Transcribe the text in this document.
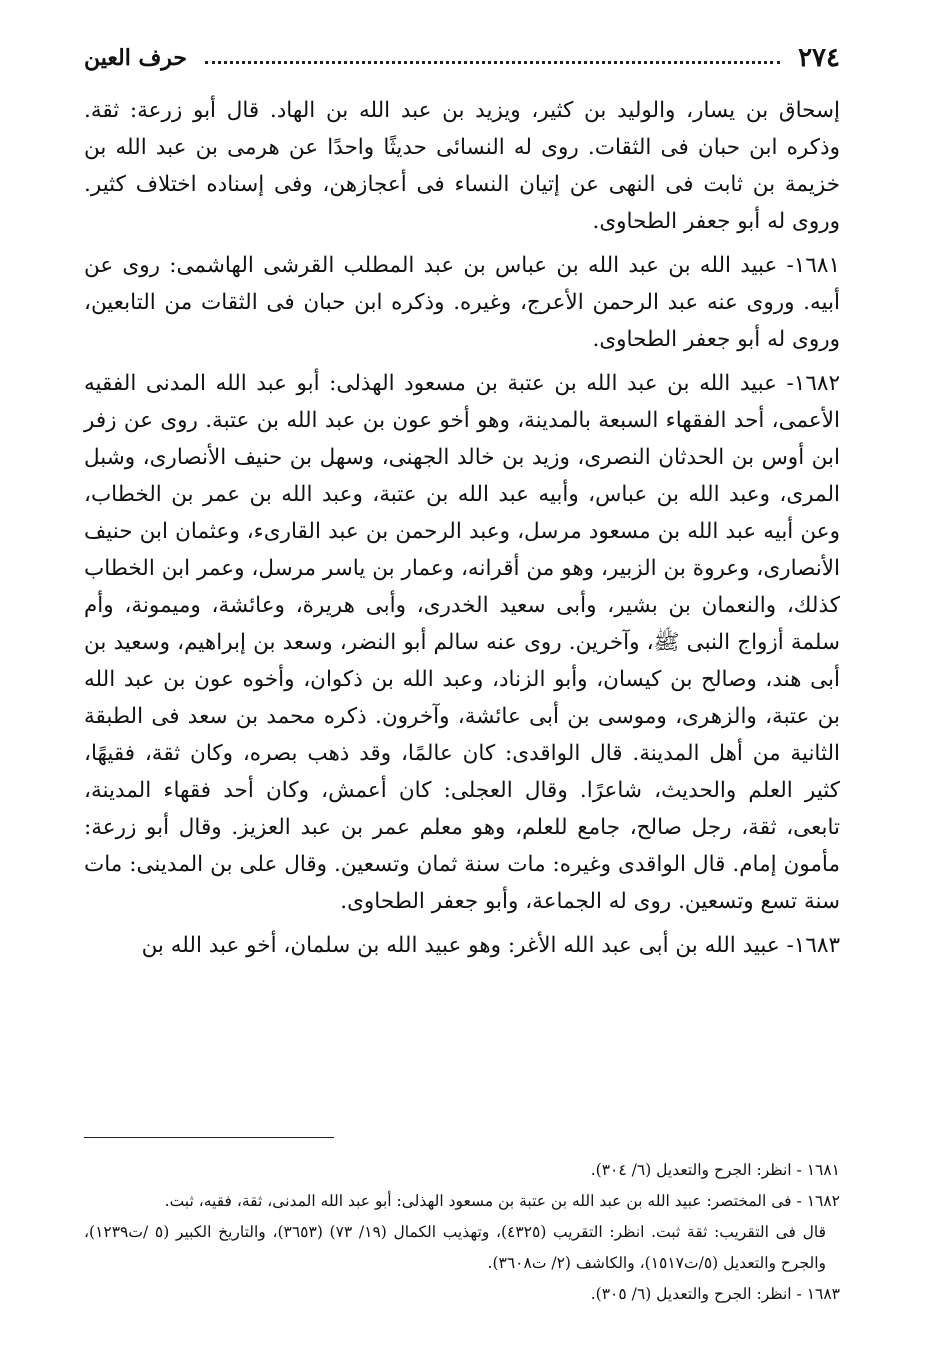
٢٧٤
حرف العين

إسحاق بن يسار، والوليد بن كثير، ويزيد بن عبد الله بن الهاد. قال أبو زرعة: ثقة. وذكره ابن حبان فى الثقات. روى له النسائى حديثًا واحدًا عن هرمى بن عبد الله بن خزيمة بن ثابت فى النهى عن إتيان النساء فى أعجازهن، وفى إسناده اختلاف كثير. وروى له أبو جعفر الطحاوى.

١٦٨١- عبيد الله بن عبد الله بن عباس بن عبد المطلب القرشى الهاشمى: روى عن أبيه. وروى عنه عبد الرحمن الأعرج، وغيره. وذكره ابن حبان فى الثقات من التابعين، وروى له أبو جعفر الطحاوى.

١٦٨٢- عبيد الله بن عبد الله بن عتبة بن مسعود الهذلى: أبو عبد الله المدنى الفقيه الأعمى، أحد الفقهاء السبعة بالمدينة، وهو أخو عون بن عبد الله بن عتبة. روى عن زفر ابن أوس بن الحدثان النصرى، وزيد بن خالد الجهنى، وسهل بن حنيف الأنصارى، وشبل المرى، وعبد الله بن عباس، وأبيه عبد الله بن عتبة، وعبد الله بن عمر بن الخطاب، وعن أبيه عبد الله بن مسعود مرسل، وعبد الرحمن بن عبد القارىء، وعثمان ابن حنيف الأنصارى، وعروة بن الزبير، وهو من أقرانه، وعمار بن ياسر مرسل، وعمر ابن الخطاب كذلك، والنعمان بن بشير، وأبى سعيد الخدرى، وأبى هريرة، وعائشة، وميمونة، وأم سلمة أزواج النبى ﷺ، وآخرين. روى عنه سالم أبو النضر، وسعد بن إبراهيم، وسعيد بن أبى هند، وصالح بن كيسان، وأبو الزناد، وعبد الله بن ذكوان، وأخوه عون بن عبد الله بن عتبة، والزهرى، وموسى بن أبى عائشة، وآخرون. ذكره محمد بن سعد فى الطبقة الثانية من أهل المدينة. قال الواقدى: كان عالمًا، وقد ذهب بصره، وكان ثقة، فقيهًا، كثير العلم والحديث، شاعرًا. وقال العجلى: كان أعمش، وكان أحد فقهاء المدينة، تابعى، ثقة، رجل صالح، جامع للعلم، وهو معلم عمر بن عبد العزيز. وقال أبو زرعة: مأمون إمام. قال الواقدى وغيره: مات سنة ثمان وتسعين. وقال على بن المدينى: مات سنة تسع وتسعين. روى له الجماعة، وأبو جعفر الطحاوى.

١٦٨٣- عبيد الله بن أبى عبد الله الأغر: وهو عبيد الله بن سلمان، أخو عبد الله بن

١٦٨١ - انظر: الجرح والتعديل (٦/ ٣٠٤).

١٦٨٢ - فى المختصر: عبيد الله بن عبد الله بن عتبة بن مسعود الهذلى: أبو عبد الله المدنى، ثقة، فقيه، ثبت.

قال فى التقريب: ثقة ثبت. انظر: التقريب (٤٣٢٥)، وتهذيب الكمال (١٩/ ٧٣) (٣٦٥٣)، والتاريخ الكبير (٥ /ت١٢٣٩)، والجرح والتعديل (٥/ت١٥١٧)، والكاشف (٢/ ت٣٦٠٨).

١٦٨٣ - انظر: الجرح والتعديل (٦/ ٣٠٥).
